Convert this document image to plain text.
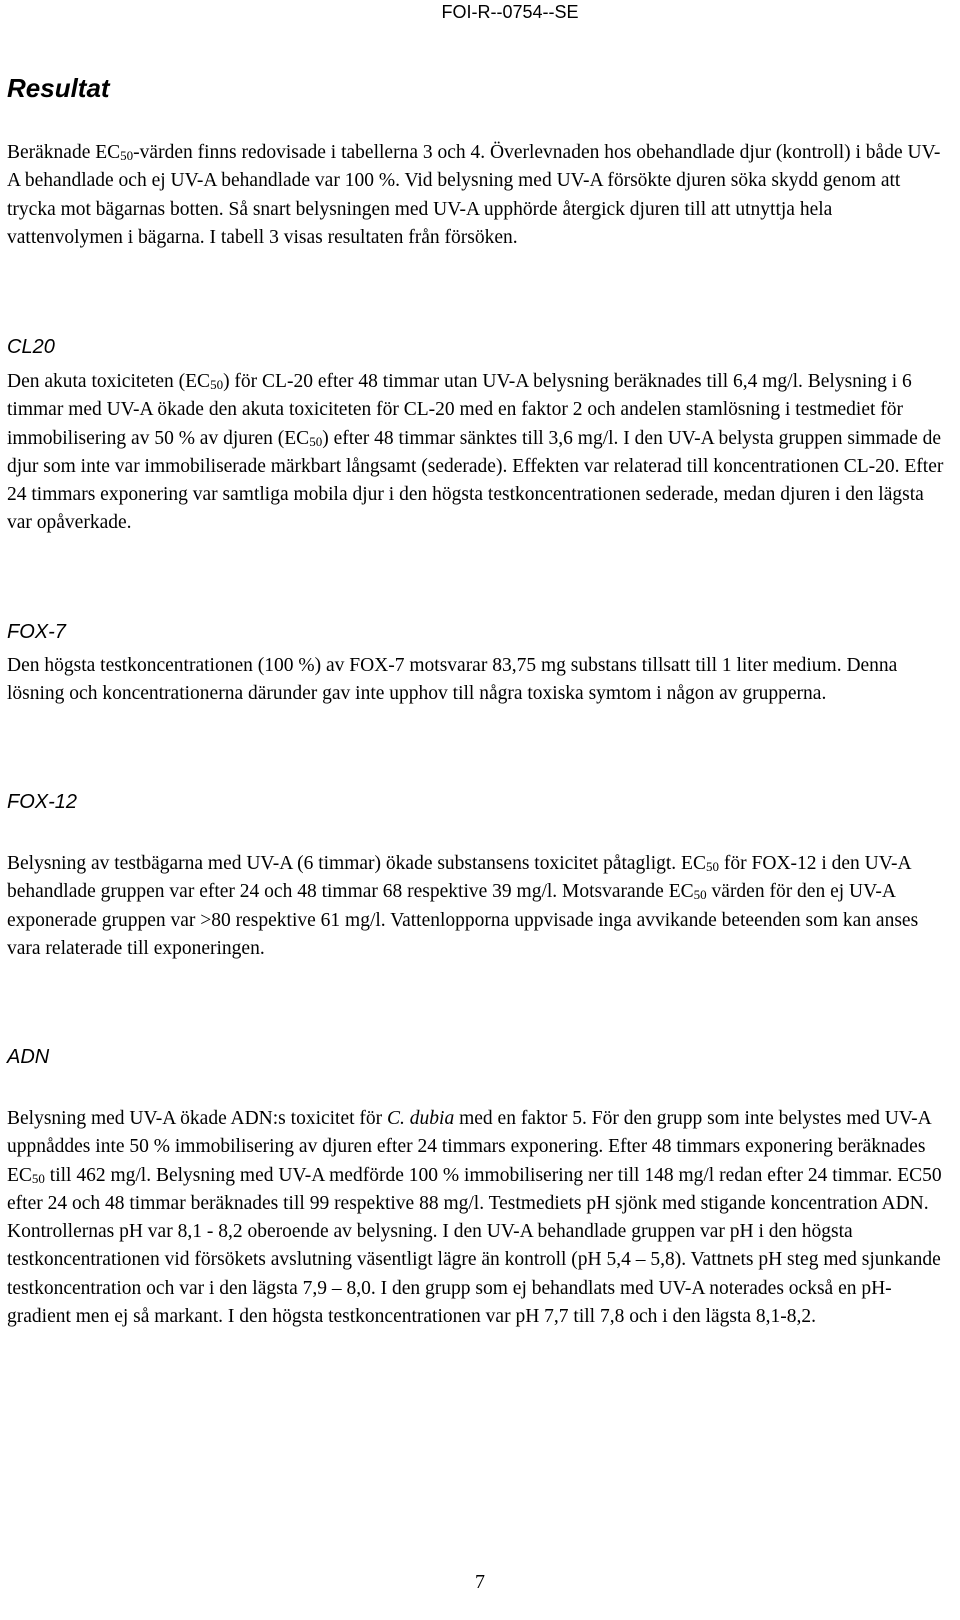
FOI-R--0754--SE
Resultat

Beräknade $EC_{50}$-värden finns redovisade i tabellerna 3 och 4. Överlevnaden hos obehandlade djur (kontroll) i både UV-A behandlade och ej UV-A behandlade var 100 %. Vid belysning med UV-A försökte djuren söka skydd genom att trycka mot bägarnas botten. Så snart belysningen med UV-A upphörde återgick djuren till att utnyttja hela vattenvolymen i bägarna. I tabell 3 visas resultaten från försöken.

CL20

Den akuta toxiciteten $(EC_{50})$ för CL-20 efter 48 timmar utan UV-A belysning beräknades till 6,4 mg/l. Belysning i 6 timmar med UV-A ökade den akuta toxiciteten för CL-20 med en faktor 2 och andelen stamlösning i testmediet för immobilisering av 50 % av djuren $(EC_{50})$ efter 48 timmar sänktes till 3,6 mg/l. I den UV-A belysta gruppen simmade de djur som inte var immobiliserade märkbart långsamt (sederade). Effekten var relaterad till koncentrationen CL-20. Efter 24 timmars exponering var samtliga mobila djur i den högsta testkoncentrationen sederade, medan djuren i den lägsta var opåverkade.

FOX-7

Den högsta testkoncentrationen (100 %) av FOX-7 motsvarar 83,75 mg substans tillsatt till 1 liter medium. Denna lösning och koncentrationerna därunder gav inte upphov till några toxiska symtom i någon av grupperna.

FOX-12

Belysning av testbägarna med UV-A (6 timmar) ökade substansens toxicitet påtagligt. $EC_{50}$ för FOX-12 i den UV-A behandlade gruppen var efter 24 och 48 timmar 68 respektive 39 mg/l. Motsvarande $EC_{50}$ värden för den ej UV-A exponerade gruppen var >80 respektive 61 mg/l. Vattenlopporna uppvisade inga avvikande beteenden som kan anses vara relaterade till exponeringen.

ADN

Belysning med UV-A ökade ADN:s toxicitet för C. dubia med en faktor 5. För den grupp som inte belystes med UV-A uppnåddes inte 50 % immobilisering av djuren efter 24 timmars exponering. Efter 48 timmars exponering beräknades $EC_{50}$ till 462 mg/l. Belysning med UV-A medförde 100 % immobilisering ner till 148 mg/l redan efter 24 timmar. EC50 efter 24 och 48 timmar beräknades till 99 respektive 88 mg/l. Testmediets pH sjönk med stigande koncentration ADN. Kontrollernas pH var 8,1 - 8,2 oberoende av belysning. I den UV-A behandlade gruppen var pH i den högsta testkoncentrationen vid försökets avslutning väsentligt lägre än kontroll (pH 5,4 – 5,8). Vattnets pH steg med sjunkande testkoncentration och var i den lägsta 7,9 – 8,0. I den grupp som ej behandlats med UV-A noterades också en pH-gradient men ej så markant. I den högsta testkoncentrationen var pH 7,7 till 7,8 och i den lägsta 8,1-8,2.

7
